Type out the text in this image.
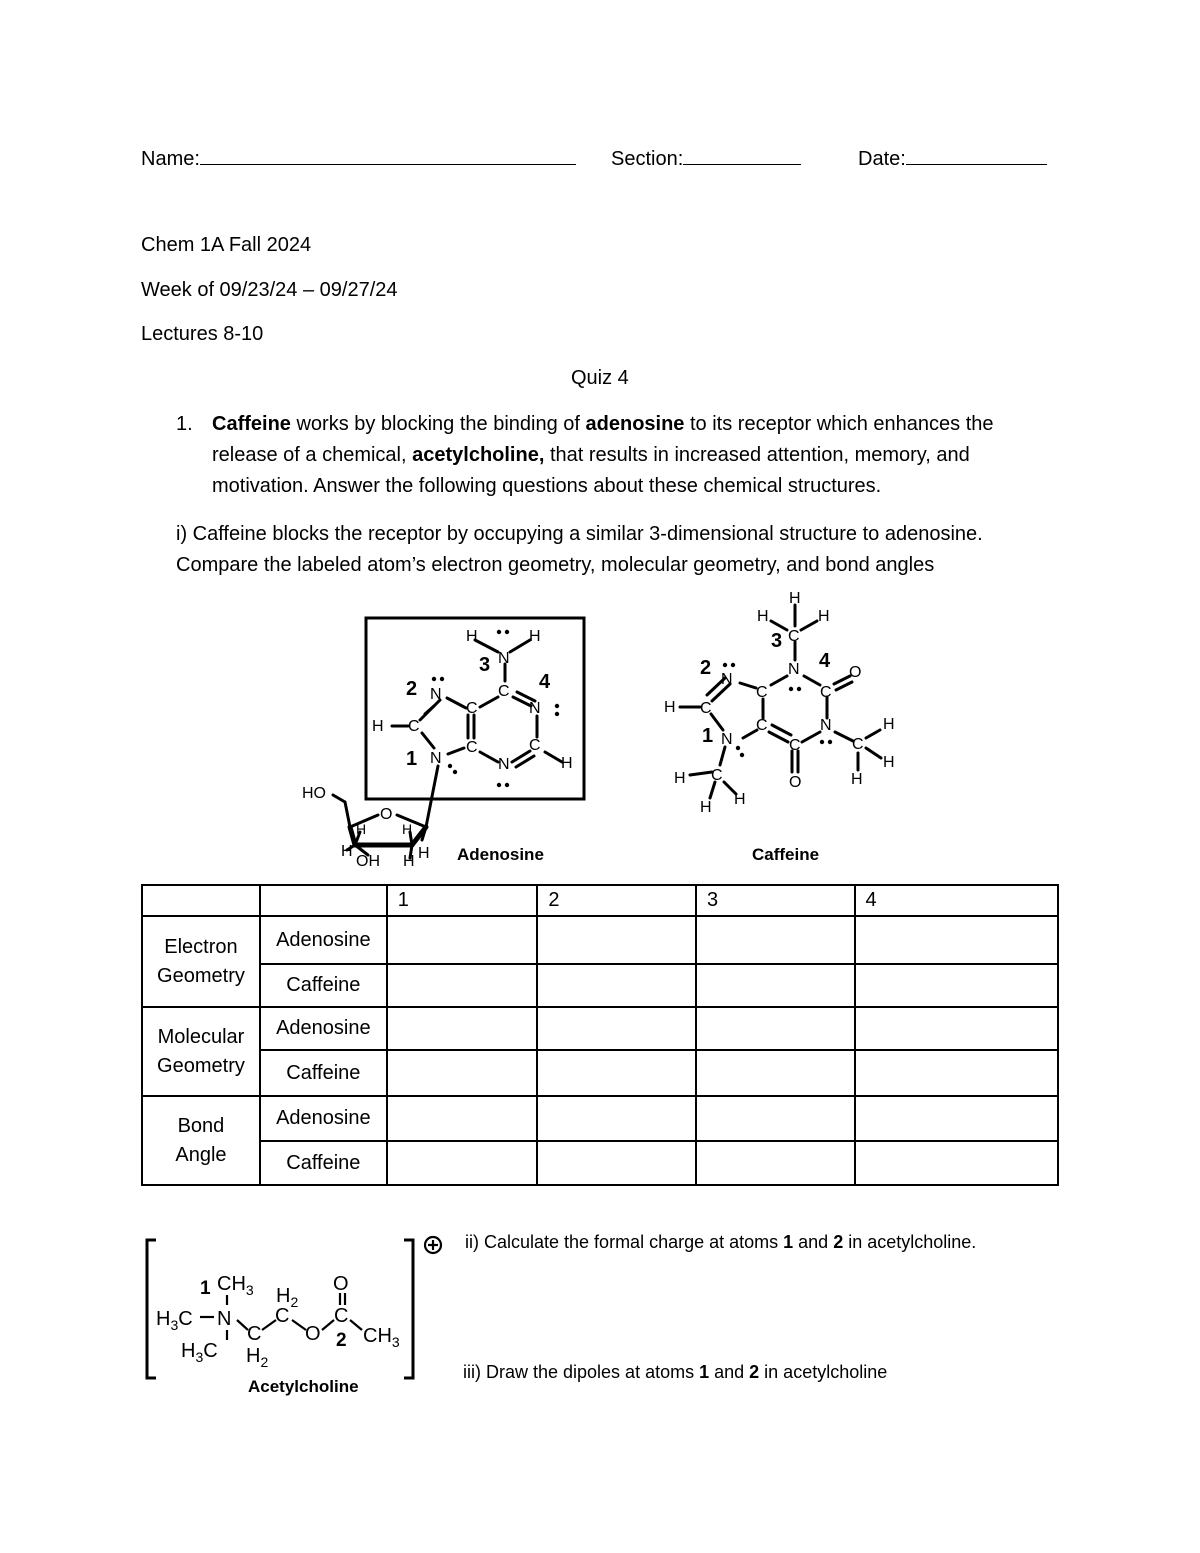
Name:	Section:	Date:
Chem 1A Fall 2024
Week of 09/23/24 – 09/27/24
Lectures 8-10
Quiz 4
1. Caffeine works by blocking the binding of adenosine to its receptor which enhances the
release of a chemical, acetylcholine, that results in increased attention, memory, and
motivation. Answer the following questions about these chemical structures.
i) Caffeine blocks the receptor by occupying a similar 3-dimensional structure to adenosine.
Compare the labeled atom’s electron geometry, molecular geometry, and bond angles
H	H
N
C
N
C	N
H C
C	C
N	N	H
HO
O
H	H
H
OH H H
3
4
2
1
Adenosine
H
H	H
C
N	O
N
C	C
H C
C	N
N	C	C
H
H
H C	O	H
H H
3
4
2
1
Caffeine
		1	2	3	4

Electron
Geometry	Adenosine				
	Caffeine				

Molecular
Geometry	Adenosine				
	Caffeine				

Bond
Angle	Adenosine				
	Caffeine				
$CH_3$ $H_2$
O
$H_3C$ N C C
C O $CH_3$
$H_3C$ $H_2$
1
2
Acetylcholine
ii) Calculate the formal charge at atoms 1 and 2 in acetylcholine.
iii) Draw the dipoles at atoms 1 and 2 in acetylcholine
